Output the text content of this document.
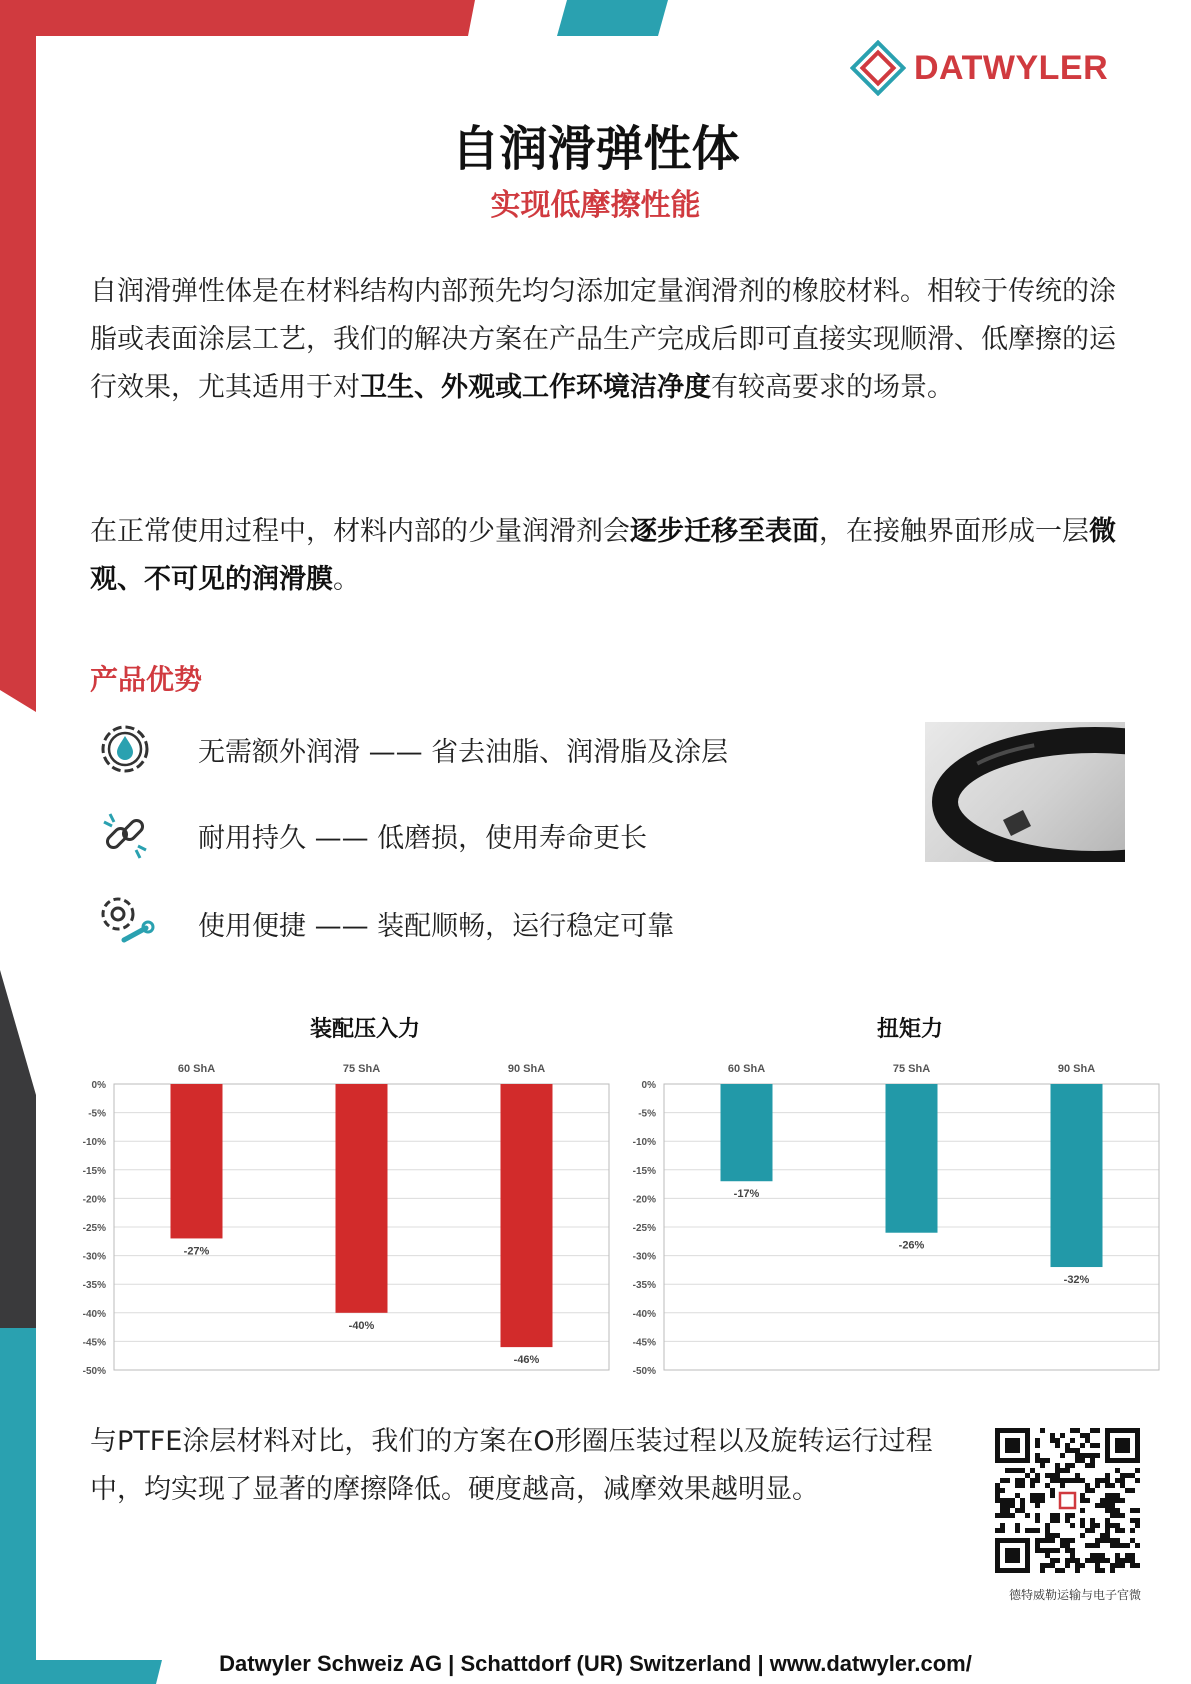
DATWYLER
自润滑弹性体
实现低摩擦性能

自润滑弹性体是在材料结构内部预先均匀添加定量润滑剂的橡胶材料。相较于传统的涂脂或表面涂层工艺，我们的解决方案在产品生产完成后即可直接实现顺滑、低摩擦的运行效果，尤其适用于对卫生、外观或工作环境洁净度有较高要求的场景。

在正常使用过程中，材料内部的少量润滑剂会逐步迁移至表面，在接触界面形成一层微观、不可见的润滑膜。

产品优势
无需额外润滑 —— 省去油脂、润滑脂及涂层
耐用持久 —— 低磨损，使用寿命更长
使用便捷 —— 装配顺畅，运行稳定可靠
装配压入力
0%
-5%
-10%
-15%
-20%
-25%
-30%
-35%
-40%
-45%
-50%
60 ShA
-27%
75 ShA
-40%
90 ShA
-46%
扭矩力
0%
-5%
-10%
-15%
-20%
-25%
-30%
-35%
-40%
-45%
-50%
60 ShA
-17%
75 ShA
-26%
90 ShA
-32%

与PTFE涂层材料对比，我们的方案在O形圈压装过程以及旋转运行过程中，均实现了显著的摩擦降低。硬度越高，减摩效果越明显。

德特威勒运输与电子官微
Datwyler Schweiz AG | Schattdorf (UR) Switzerland | www.datwyler.com/
